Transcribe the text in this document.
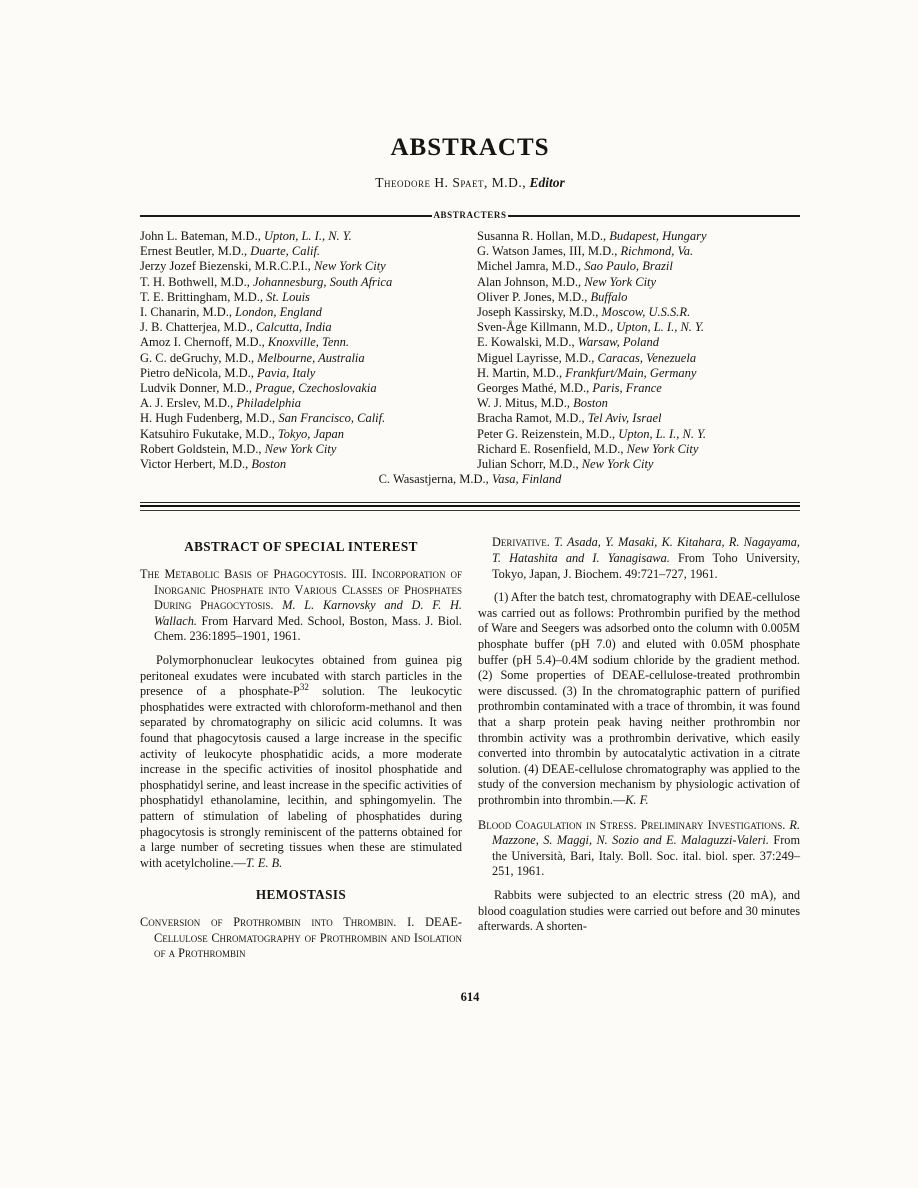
ABSTRACTS
Theodore H. Spaet, M.D., Editor
ABSTRACTERS
John L. Bateman, M.D., Upton, L. I., N. Y.
Ernest Beutler, M.D., Duarte, Calif.
Jerzy Jozef Biezenski, M.R.C.P.I., New York City
T. H. Bothwell, M.D., Johannesburg, South Africa
T. E. Brittingham, M.D., St. Louis
I. Chanarin, M.D., London, England
J. B. Chatterjea, M.D., Calcutta, India
Amoz I. Chernoff, M.D., Knoxville, Tenn.
G. C. deGruchy, M.D., Melbourne, Australia
Pietro deNicola, M.D., Pavia, Italy
Ludvik Donner, M.D., Prague, Czechoslovakia
A. J. Erslev, M.D., Philadelphia
H. Hugh Fudenberg, M.D., San Francisco, Calif.
Katsuhiro Fukutake, M.D., Tokyo, Japan
Robert Goldstein, M.D., New York City
Victor Herbert, M.D., Boston
Susanna R. Hollan, M.D., Budapest, Hungary
G. Watson James, III, M.D., Richmond, Va.
Michel Jamra, M.D., Sao Paulo, Brazil
Alan Johnson, M.D., New York City
Oliver P. Jones, M.D., Buffalo
Joseph Kassirsky, M.D., Moscow, U.S.S.R.
Sven-Åge Killmann, M.D., Upton, L. I., N. Y.
E. Kowalski, M.D., Warsaw, Poland
Miguel Layrisse, M.D., Caracas, Venezuela
H. Martin, M.D., Frankfurt/Main, Germany
Georges Mathé, M.D., Paris, France
W. J. Mitus, M.D., Boston
Bracha Ramot, M.D., Tel Aviv, Israel
Peter G. Reizenstein, M.D., Upton, L. I., N. Y.
Richard E. Rosenfield, M.D., New York City
Julian Schorr, M.D., New York City
C. Wasastjerna, M.D., Vasa, Finland
ABSTRACT OF SPECIAL INTEREST

The Metabolic Basis of Phagocytosis. III. Incorporation of Inorganic Phosphate into Various Classes of Phosphates During Phagocytosis. M. L. Karnovsky and D. F. H. Wallach. From Harvard Med. School, Boston, Mass. J. Biol. Chem. 236:1895–1901, 1961.

Polymorphonuclear leukocytes obtained from guinea pig peritoneal exudates were incubated with starch particles in the presence of a phosphate-$P^{32}$ solution. The leukocytic phosphatides were extracted with chloroform-methanol and then separated by chromatography on silicic acid columns. It was found that phagocytosis caused a large increase in the specific activity of leukocyte phosphatidic acids, a more moderate increase in the specific activities of inositol phosphatide and phosphatidyl serine, and least increase in the specific activities of phosphatidyl ethanolamine, lecithin, and sphingomyelin. The pattern of stimulation of labeling of phosphatides during phagocytosis is strongly reminiscent of the patterns obtained for a large number of secreting tissues when these are stimulated with acetylcholine.—T. E. B.

HEMOSTASIS

Conversion of Prothrombin into Thrombin. I. DEAE-Cellulose Chromatography of Prothrombin and Isolation of a Prothrombin

Derivative. T. Asada, Y. Masaki, K. Kitahara, R. Nagayama, T. Hatashita and I. Yanagisawa. From Toho University, Tokyo, Japan, J. Biochem. 49:721–727, 1961.

(1) After the batch test, chromatography with DEAE-cellulose was carried out as follows: Prothrombin purified by the method of Ware and Seegers was adsorbed onto the column with 0.005M phosphate buffer (pH 7.0) and eluted with 0.05M phosphate buffer (pH 5.4)–0.4M sodium chloride by the gradient method. (2) Some properties of DEAE-cellulose-treated prothrombin were discussed. (3) In the chromatographic pattern of purified prothrombin contaminated with a trace of thrombin, it was found that a sharp protein peak having neither prothrombin nor thrombin activity was a prothrombin derivative, which easily converted into thrombin by autocatalytic activation in a citrate solution. (4) DEAE-cellulose chromatography was applied to the study of the conversion mechanism by physiologic activation of prothrombin into thrombin.—K. F.

Blood Coagulation in Stress. Preliminary Investigations. R. Mazzone, S. Maggi, N. Sozio and E. Malaguzzi-Valeri. From the Università, Bari, Italy. Boll. Soc. ital. biol. sper. 37:249–251, 1961.

Rabbits were subjected to an electric stress (20 mA), and blood coagulation studies were carried out before and 30 minutes afterwards. A shorten-

614
